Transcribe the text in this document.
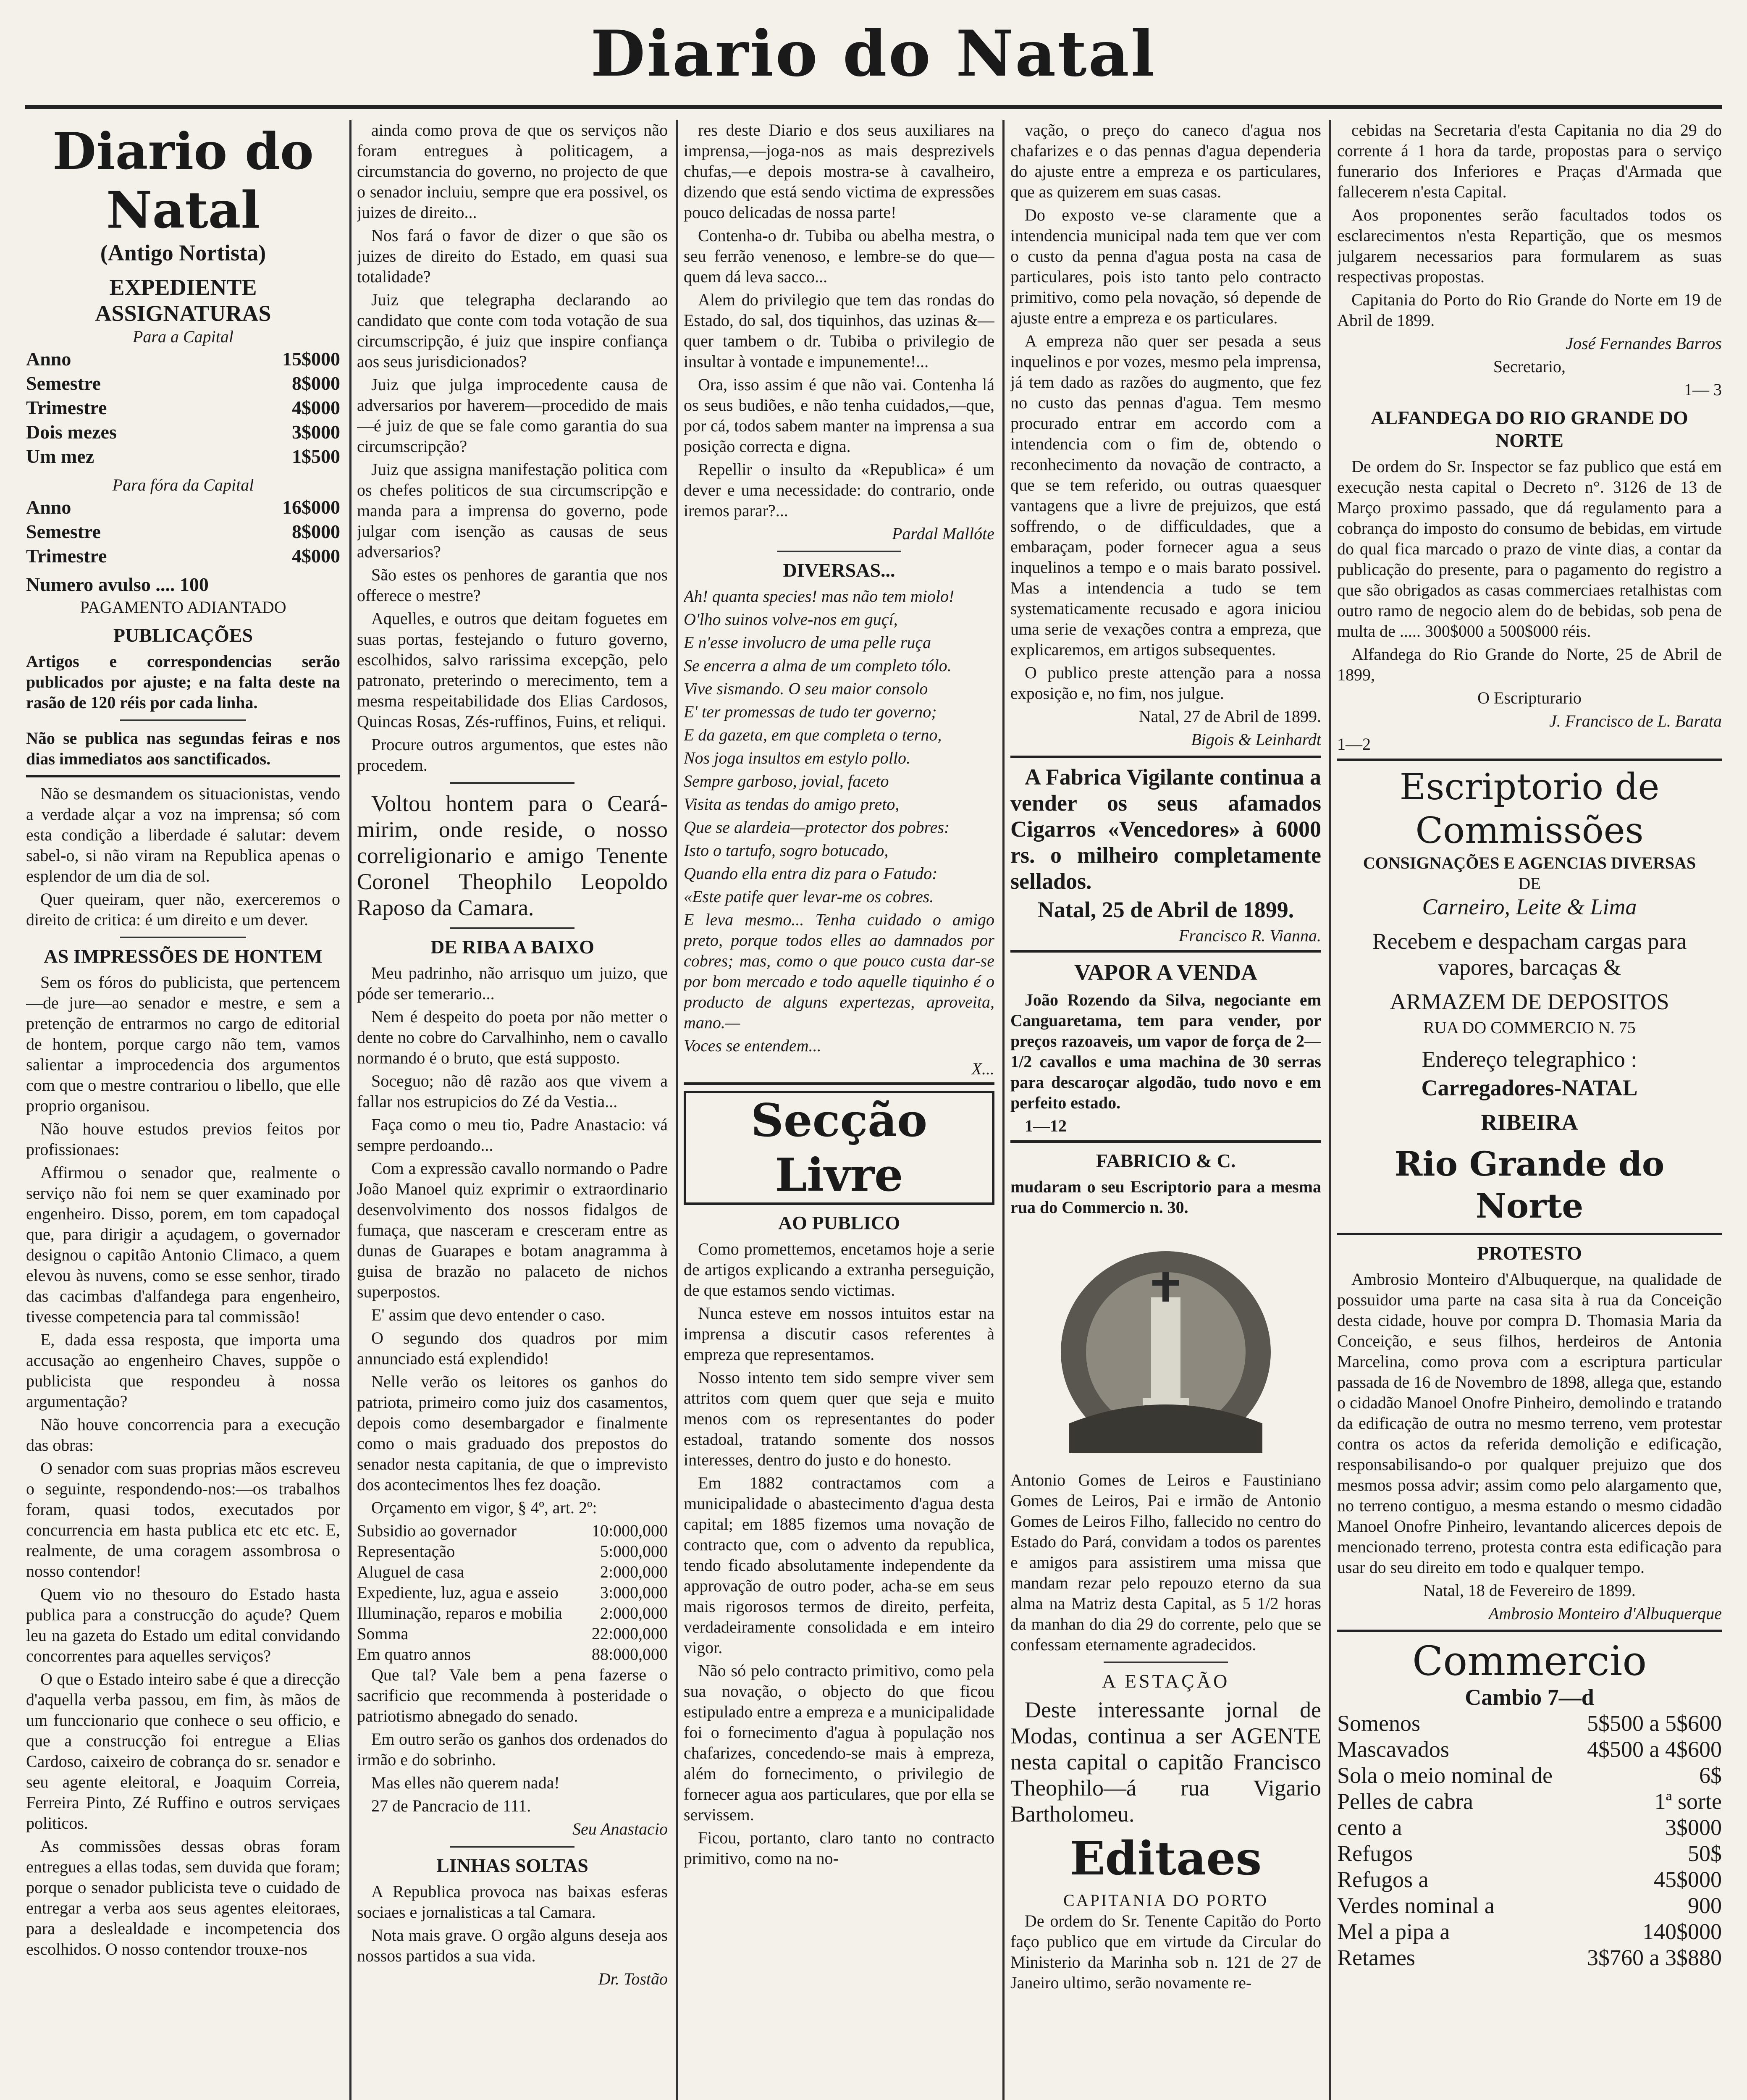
Diario do Natal
Diario do Natal
(Antigo Nortista)
EXPEDIENTE
ASSIGNATURAS
Para a Capital
Anno	15$000
Semestre	8$000
Trimestre	4$000
Dois mezes	3$000
Um mez	1$500
Para fóra da Capital
Anno	16$000
Semestre	8$000
Trimestre	4$000
Numero avulso .... 100
PAGAMENTO ADIANTADO
PUBLICAÇÕES

Artigos e correspondencias serão publicados por ajuste; e na falta deste na rasão de 120 réis por cada linha.

Não se publica nas segundas feiras e nos dias immediatos aos sanctificados.

Não se desmandem os situacionistas, vendo a verdade alçar a voz na imprensa; só com esta condição a liberdade é salutar: devem sabel-o, si não viram na Republica apenas o esplendor de um dia de sol.

Quer queiram, quer não, exerceremos o direito de critica: é um direito e um dever.

AS IMPRESSÕES DE HONTEM

Sem os fóros do publicista, que pertencem—de jure—ao senador e mestre, e sem a pretenção de entrarmos no cargo de editorial de hontem, porque cargo não tem, vamos salientar a improcedencia dos argumentos com que o mestre contrariou o libello, que elle proprio organisou.

Não houve estudos previos feitos por profissionaes:

Affirmou o senador que, realmente o serviço não foi nem se quer examinado por engenheiro. Disso, porem, em tom capadoçal que, para dirigir a açudagem, o governador designou o capitão Antonio Climaco, a quem elevou às nuvens, como se esse senhor, tirado das cacimbas d'alfandega para engenheiro, tivesse competencia para tal commissão!

E, dada essa resposta, que importa uma accusação ao engenheiro Chaves, suppõe o publicista que respondeu à nossa argumentação?

Não houve concorrencia para a execução das obras:

O senador com suas proprias mãos escreveu o seguinte, respondendo-nos:—os trabalhos foram, quasi todos, executados por concurrencia em hasta publica etc etc etc. E, realmente, de uma coragem assombrosa o nosso contendor!

Quem vio no thesouro do Estado hasta publica para a construcção do açude? Quem leu na gazeta do Estado um edital convidando concorrentes para aquelles serviços?

O que o Estado inteiro sabe é que a direcção d'aquella verba passou, em fim, às mãos de um funccionario que conhece o seu officio, e que a construcção foi entregue a Elias Cardoso, caixeiro de cobrança do sr. senador e seu agente eleitoral, e Joaquim Correia, Ferreira Pinto, Zé Ruffino e outros serviçaes politicos.

As commissões dessas obras foram entregues a ellas todas, sem duvida que foram; porque o senador publicista teve o cuidado de entregar a verba aos seus agentes eleitoraes, para a deslealdade e incompetencia dos escolhidos. O nosso contendor trouxe-nos

ainda como prova de que os serviços não foram entregues à politicagem, a circumstancia do governo, no projecto de que o senador incluiu, sempre que era possivel, os juizes de direito...

Nos fará o favor de dizer o que são os juizes de direito do Estado, em quasi sua totalidade?

Juiz que telegrapha declarando ao candidato que conte com toda votação de sua circumscripção, é juiz que inspire confiança aos seus jurisdicionados?

Juiz que julga improcedente causa de adversarios por haverem—procedido de mais—é juiz de que se fale como garantia do sua circumscripção?

Juiz que assigna manifestação politica com os chefes politicos de sua circumscripção e manda para a imprensa do governo, pode julgar com isenção as causas de seus adversarios?

São estes os penhores de garantia que nos offerece o mestre?

Aquelles, e outros que deitam foguetes em suas portas, festejando o futuro governo, escolhidos, salvo rarissima excepção, pelo patronato, preterindo o merecimento, tem a mesma respeitabilidade dos Elias Cardosos, Quincas Rosas, Zés-ruffinos, Fuins, et reliqui.

Procure outros argumentos, que estes não procedem.

Voltou hontem para o Ceará-mirim, onde reside, o nosso correligionario e amigo Tenente Coronel Theophilo Leopoldo Raposo da Camara.

DE RIBA A BAIXO

Meu padrinho, não arrisquo um juizo, que póde ser temerario...

Nem é despeito do poeta por não metter o dente no cobre do Carvalhinho, nem o cavallo normando é o bruto, que está supposto.

Soceguo; não dê razão aos que vivem a fallar nos estrupicios do Zé da Vestia...

Faça como o meu tio, Padre Anastacio: vá sempre perdoando...

Com a expressão cavallo normando o Padre João Manoel quiz exprimir o extraordinario desenvolvimento dos nossos fidalgos de fumaça, que nasceram e cresceram entre as dunas de Guarapes e botam anagramma à guisa de brazão no palaceto de nichos superpostos.

E' assim que devo entender o caso.

O segundo dos quadros por mim annunciado está explendido!

Nelle verão os leitores os ganhos do patriota, primeiro como juiz dos casamentos, depois como desembargador e finalmente como o mais graduado dos prepostos do senador nesta capitania, de que o imprevisto dos acontecimentos lhes fez doação.

Orçamento em vigor, § 4º, art. 2º:

Subsidio ao governador	10:000,000
Representação	5:000,000
Aluguel de casa	2:000,000
Expediente, luz, agua e asseio 3:000,000
Illuminação, reparos e mobilia 2:000,000
Somma	22:000,000
Em quatro annos	88:000,000

Que tal? Vale bem a pena fazerse o sacrificio que recommenda à posteridade o patriotismo abnegado do senado.

Em outro serão os ganhos dos ordenados do irmão e do sobrinho.

Mas elles não querem nada!

27 de Pancracio de 111.

Seu Anastacio

LINHAS SOLTAS

A Republica provoca nas baixas esferas sociaes e jornalisticas a tal Camara.

Nota mais grave. O orgão alguns deseja aos nossos partidos a sua vida.

Dr. Tostão

res deste Diario e dos seus auxiliares na imprensa,—joga-nos as mais desprezivels chufas,—e depois mostra-se à cavalheiro, dizendo que está sendo victima de expressões pouco delicadas de nossa parte!

Contenha-o dr. Tubiba ou abelha mestra, o seu ferrão venenoso, e lembre-se do que—quem dá leva sacco...

Alem do privilegio que tem das rondas do Estado, do sal, dos tiquinhos, das uzinas &—quer tambem o dr. Tubiba o privilegio de insultar à vontade e impunemente!...

Ora, isso assim é que não vai. Contenha lá os seus budiões, e não tenha cuidados,—que, por cá, todos sabem manter na imprensa a sua posição correcta e digna.

Repellir o insulto da «Republica» é um dever e uma necessidade: do contrario, onde iremos parar?...

Pardal Mallóte

DIVERSAS...

Ah! quanta species! mas não tem miolo!

O'lho suinos volve-nos em guçí,

E n'esse involucro de uma pelle ruça

Se encerra a alma de um completo tólo.

Vive sismando. O seu maior consolo

E' ter promessas de tudo ter governo;

E da gazeta, em que completa o terno,

Nos joga insultos em estylo pollo.

Sempre garboso, jovial, faceto

Visita as tendas do amigo preto,

Que se alardeia—protector dos pobres:

Isto o tartufo, sogro botucado,

Quando ella entra diz para o Fatudo:

«Este patife quer levar-me os cobres.

E leva mesmo... Tenha cuidado o amigo preto, porque todos elles ao damnados por cobres; mas, como o que pouco custa dar-se por bom mercado e todo aquelle tiquinho é o producto de alguns expertezas, aproveita, mano.—

Voces se entendem...

X...

Secção Livre
AO PUBLICO

Como promettemos, encetamos hoje a serie de artigos explicando a extranha perseguição, de que estamos sendo victimas.

Nunca esteve em nossos intuitos estar na imprensa a discutir casos referentes à empreza que representamos.

Nosso intento tem sido sempre viver sem attritos com quem quer que seja e muito menos com os representantes do poder estadoal, tratando somente dos nossos interesses, dentro do justo e do honesto.

Em 1882 contractamos com a municipalidade o abastecimento d'agua desta capital; em 1885 fizemos uma novação de contracto que, com o advento da republica, tendo ficado absolutamente independente da approvação de outro poder, acha-se em seus mais rigorosos termos de direito, perfeita, verdadeiramente consolidada e em inteiro vigor.

Não só pelo contracto primitivo, como pela sua novação, o objecto do que ficou estipulado entre a empreza e a municipalidade foi o fornecimento d'agua à população nos chafarizes, concedendo-se mais à empreza, além do fornecimento, o privilegio de fornecer agua aos particulares, que por ella se servissem.

Ficou, portanto, claro tanto no contracto primitivo, como na no-

vação, o preço do caneco d'agua nos chafarizes e o das pennas d'agua dependeria do ajuste entre a empreza e os particulares, que as quizerem em suas casas.

Do exposto ve-se claramente que a intendencia municipal nada tem que ver com o custo da penna d'agua posta na casa de particulares, pois isto tanto pelo contracto primitivo, como pela novação, só depende de ajuste entre a empreza e os particulares.

A empreza não quer ser pesada a seus inquelinos e por vozes, mesmo pela imprensa, já tem dado as razões do augmento, que fez no custo das pennas d'agua. Tem mesmo procurado entrar em accordo com a intendencia com o fim de, obtendo o reconhecimento da novação de contracto, a que se tem referido, ou outras quaesquer vantagens que a livre de prejuizos, que está soffrendo, o de difficuldades, que a embaraçam, poder fornecer agua a seus inquelinos a tempo e o mais barato possivel. Mas a intendencia a tudo se tem systematicamente recusado e agora iniciou uma serie de vexações contra a empreza, que explicaremos, em artigos subsequentes.

O publico preste attenção para a nossa exposição e, no fim, nos julgue.

Natal, 27 de Abril de 1899.

Bigois & Leinhardt

A Fabrica Vigilante continua a vender os seus afamados Cigarros «Vencedores» à 6000 rs. o milheiro completamente sellados.

Natal, 25 de Abril de 1899.

Francisco R. Vianna.

VAPOR A VENDA

João Rozendo da Silva, negociante em Canguaretama, tem para vender, por preços razoaveis, um vapor de força de 2—1/2 cavallos e uma machina de 30 serras para descaroçar algodão, tudo novo e em perfeito estado.

1—12

FABRICIO & C.

mudaram o seu Escriptorio para a mesma rua do Commercio n. 30.

Antonio Gomes de Leiros e Faustiniano Gomes de Leiros, Pai e irmão de Antonio Gomes de Leiros Filho, fallecido no centro do Estado do Pará, convidam a todos os parentes e amigos para assistirem uma missa que mandam rezar pelo repouzo eterno da sua alma na Matriz desta Capital, as 5 1/2 horas da manhan do dia 29 do corrente, pelo que se confessam eternamente agradecidos.

A ESTAÇÃO

Deste interessante jornal de Modas, continua a ser AGENTE nesta capital o capitão Francisco Theophilo—á rua Vigario Bartholomeu.

Editaes
CAPITANIA DO PORTO

De ordem do Sr. Tenente Capitão do Porto faço publico que em virtude da Circular do Ministerio da Marinha sob n. 121 de 27 de Janeiro ultimo, serão novamente re-

cebidas na Secretaria d'esta Capitania no dia 29 do corrente á 1 hora da tarde, propostas para o serviço funerario dos Inferiores e Praças d'Armada que fallecerem n'esta Capital.

Aos proponentes serão facultados todos os esclarecimentos n'esta Repartição, que os mesmos julgarem necessarios para formularem as suas respectivas propostas.

Capitania do Porto do Rio Grande do Norte em 19 de Abril de 1899.

José Fernandes Barros

Secretario,

1— 3

ALFANDEGA DO RIO GRANDE DO NORTE

De ordem do Sr. Inspector se faz publico que está em execução nesta capital o Decreto n°. 3126 de 13 de Março proximo passado, que dá regulamento para a cobrança do imposto do consumo de bebidas, em virtude do qual fica marcado o prazo de vinte dias, a contar da publicação do presente, para o pagamento do registro a que são obrigados as casas commerciaes retalhistas com outro ramo de negocio alem do de bebidas, sob pena de multa de ..... 300$000 a 500$000 réis.

Alfandega do Rio Grande do Norte, 25 de Abril de 1899,

O Escripturario

J. Francisco de L. Barata

1—2

Escriptorio de Commissões
CONSIGNAÇÕES E AGENCIAS DIVERSAS
DE
Carneiro, Leite & Lima

Recebem e despacham cargas para vapores, barcaças &

ARMAZEM DE DEPOSITOS

RUA DO COMMERCIO N. 75

Endereço telegraphico :

Carregadores-NATAL

RIBEIRA

Rio Grande do Norte
PROTESTO

Ambrosio Monteiro d'Albuquerque, na qualidade de possuidor uma parte na casa sita à rua da Conceição desta cidade, houve por compra D. Thomasia Maria da Conceição, e seus filhos, herdeiros de Antonia Marcelina, como prova com a escriptura particular passada de 16 de Novembro de 1898, allega que, estando o cidadão Manoel Onofre Pinheiro, demolindo e tratando da edificação de outra no mesmo terreno, vem protestar contra os actos da referida demolição e edificação, responsabilisando-o por qualquer prejuizo que dos mesmos possa advir; assim como pelo alargamento que, no terreno contiguo, a mesma estando o mesmo cidadão Manoel Onofre Pinheiro, levantando alicerces depois de mencionado terreno, protesta contra esta edificação para usar do seu direito em todo e qualquer tempo.

Natal, 18 de Fevereiro de 1899.

Ambrosio Monteiro d'Albuquerque

Commercio
Cambio 7—d
Somenos	5$500 a 5$600
Mascavados	4$500 a 4$600
Sola o meio nominal de	6$
Pelles de cabra	1ª sorte
cento a	3$000
Refugos	50$
Refugos a	45$000
Verdes nominal a	900
Mel a pipa a	140$000
Retames	3$760 a 3$880
